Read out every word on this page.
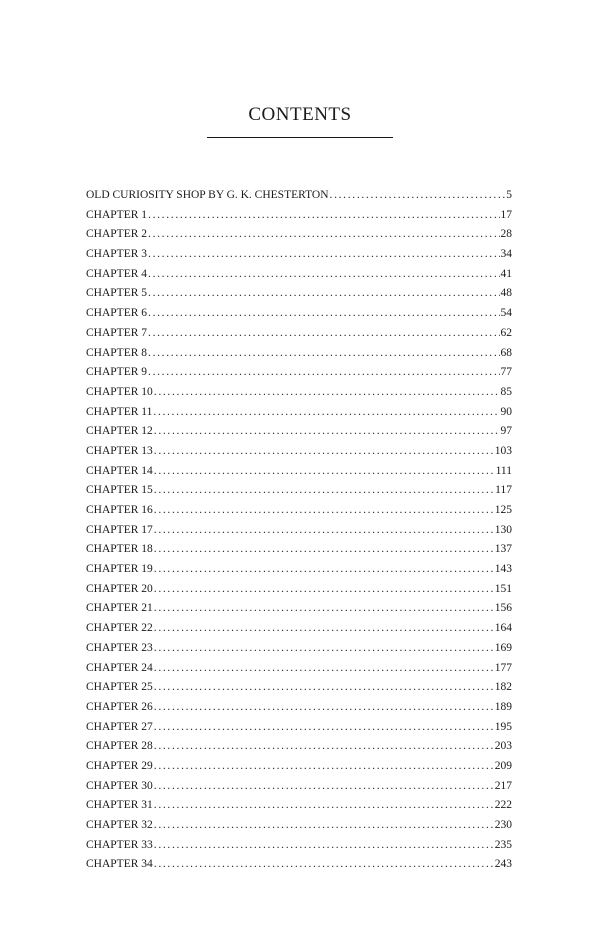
CONTENTS
OLD CURIOSITY SHOP BY G. K. CHESTERTON . . .	5
CHAPTER 1 . . .	17
CHAPTER 2 . . .	28
CHAPTER 3 . . .	34
CHAPTER 4 . . .	41
CHAPTER 5 . . .	48
CHAPTER 6 . . .	54
CHAPTER 7 . . .	62
CHAPTER 8 . . .	68
CHAPTER 9 . . .	77
CHAPTER 10 . . .	85
CHAPTER 11 . . .	90
CHAPTER 12 . . .	97
CHAPTER 13 . . .	103
CHAPTER 14 . . .	111
CHAPTER 15 . . .	117
CHAPTER 16 . . .	125
CHAPTER 17 . . .	130
CHAPTER 18 . . .	137
CHAPTER 19 . . .	143
CHAPTER 20 . . .	151
CHAPTER 21 . . .	156
CHAPTER 22 . . .	164
CHAPTER 23 . . .	169
CHAPTER 24 . . .	177
CHAPTER 25 . . .	182
CHAPTER 26 . . .	189
CHAPTER 27 . . .	195
CHAPTER 28 . . .	203
CHAPTER 29 . . .	209
CHAPTER 30 . . .	217
CHAPTER 31 . . .	222
CHAPTER 32 . . .	230
CHAPTER 33 . . .	235
CHAPTER 34 . . .	243
